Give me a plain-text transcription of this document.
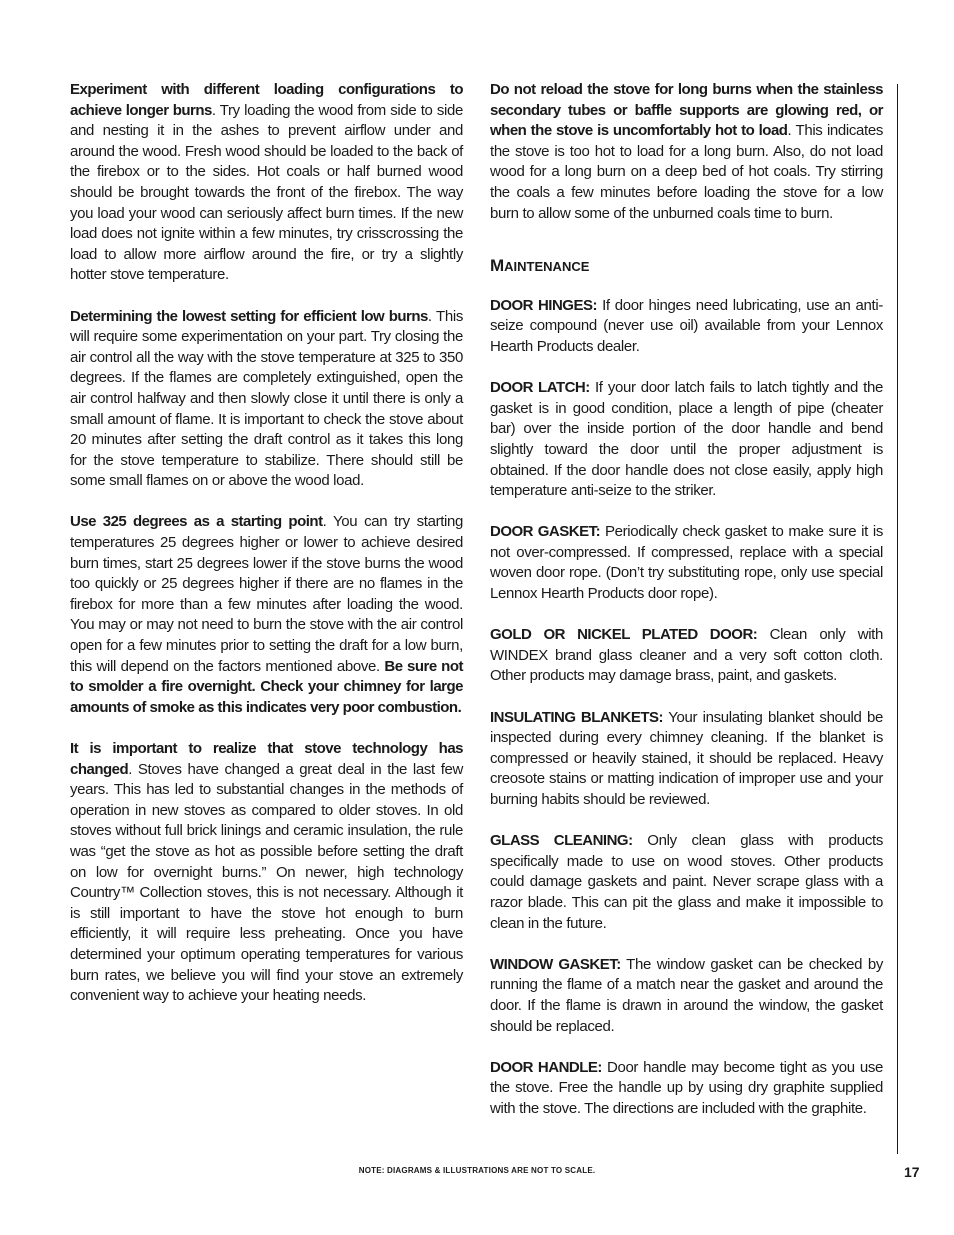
Experiment with different loading configurations to achieve longer burns. Try loading the wood from side to side and nesting it in the ashes to prevent airflow under and around the wood. Fresh wood should be loaded to the back of the firebox or to the sides. Hot coals or half burned wood should be brought towards the front of the firebox. The way you load your wood can seriously affect burn times. If the new load does not ignite within a few minutes, try crisscrossing the load to allow more airflow around the fire, or try a slightly hotter stove temperature.

Determining the lowest setting for efficient low burns. This will require some experimentation on your part. Try closing the air control all the way with the stove temperature at 325 to 350 degrees. If the flames are completely extinguished, open the air control halfway and then slowly close it until there is only a small amount of flame. It is important to check the stove about 20 minutes after setting the draft control as it takes this long for the stove temperature to stabilize. There should still be some small flames on or above the wood load.

Use 325 degrees as a starting point. You can try starting temperatures 25 degrees higher or lower to achieve desired burn times, start 25 degrees lower if the stove burns the wood too quickly or 25 degrees higher if there are no flames in the firebox for more than a few minutes after loading the wood. You may or may not need to burn the stove with the air control open for a few minutes prior to setting the draft for a low burn, this will depend on the factors mentioned above. Be sure not to smolder a fire overnight. Check your chimney for large amounts of smoke as this indicates very poor combustion.

It is important to realize that stove technology has changed. Stoves have changed a great deal in the last few years. This has led to substantial changes in the methods of operation in new stoves as compared to older stoves. In old stoves without full brick linings and ceramic insulation, the rule was “get the stove as hot as possible before setting the draft on low for overnight burns.” On newer, high technology Country™ Collection stoves, this is not necessary. Although it is still important to have the stove hot enough to burn efficiently, it will require less preheating. Once you have determined your optimum operating temperatures for various burn rates, we believe you will find your stove an extremely convenient way to achieve your heating needs.

Do not reload the stove for long burns when the stainless secondary tubes or baffle supports are glowing red, or when the stove is uncomfortably hot to load. This indicates the stove is too hot to load for a long burn. Also, do not load wood for a long burn on a deep bed of hot coals. Try stirring the coals a few minutes before loading the stove for a low burn to allow some of the unburned coals time to burn.

MAINTENANCE

DOOR HINGES: If door hinges need lubricating, use an anti-seize compound (never use oil) available from your Lennox Hearth Products dealer.

DOOR LATCH: If your door latch fails to latch tightly and the gasket is in good condition, place a length of pipe (cheater bar) over the inside portion of the door handle and bend slightly toward the door until the proper adjustment is obtained. If the door handle does not close easily, apply high temperature anti-seize to the striker.

DOOR GASKET: Periodically check gasket to make sure it is not over-compressed. If compressed, replace with a special woven door rope. (Don’t try substituting rope, only use special Lennox Hearth Products door rope).

GOLD OR NICKEL PLATED DOOR: Clean only with WINDEX brand glass cleaner and a very soft cotton cloth. Other products may damage brass, paint, and gaskets.

INSULATING BLANKETS: Your insulating blanket should be inspected during every chimney cleaning. If the blanket is compressed or heavily stained, it should be replaced. Heavy creosote stains or matting indication of improper use and your burning habits should be reviewed.

GLASS CLEANING: Only clean glass with products specifically made to use on wood stoves. Other products could damage gaskets and paint. Never scrape glass with a razor blade. This can pit the glass and make it impossible to clean in the future.

WINDOW GASKET: The window gasket can be checked by running the flame of a match near the gasket and around the door. If the flame is drawn in around the window, the gasket should be replaced.

DOOR HANDLE: Door handle may become tight as you use the stove. Free the handle up by using dry graphite supplied with the stove. The directions are included with the graphite.

NOTE: DIAGRAMS & ILLUSTRATIONS ARE NOT TO SCALE.	17
